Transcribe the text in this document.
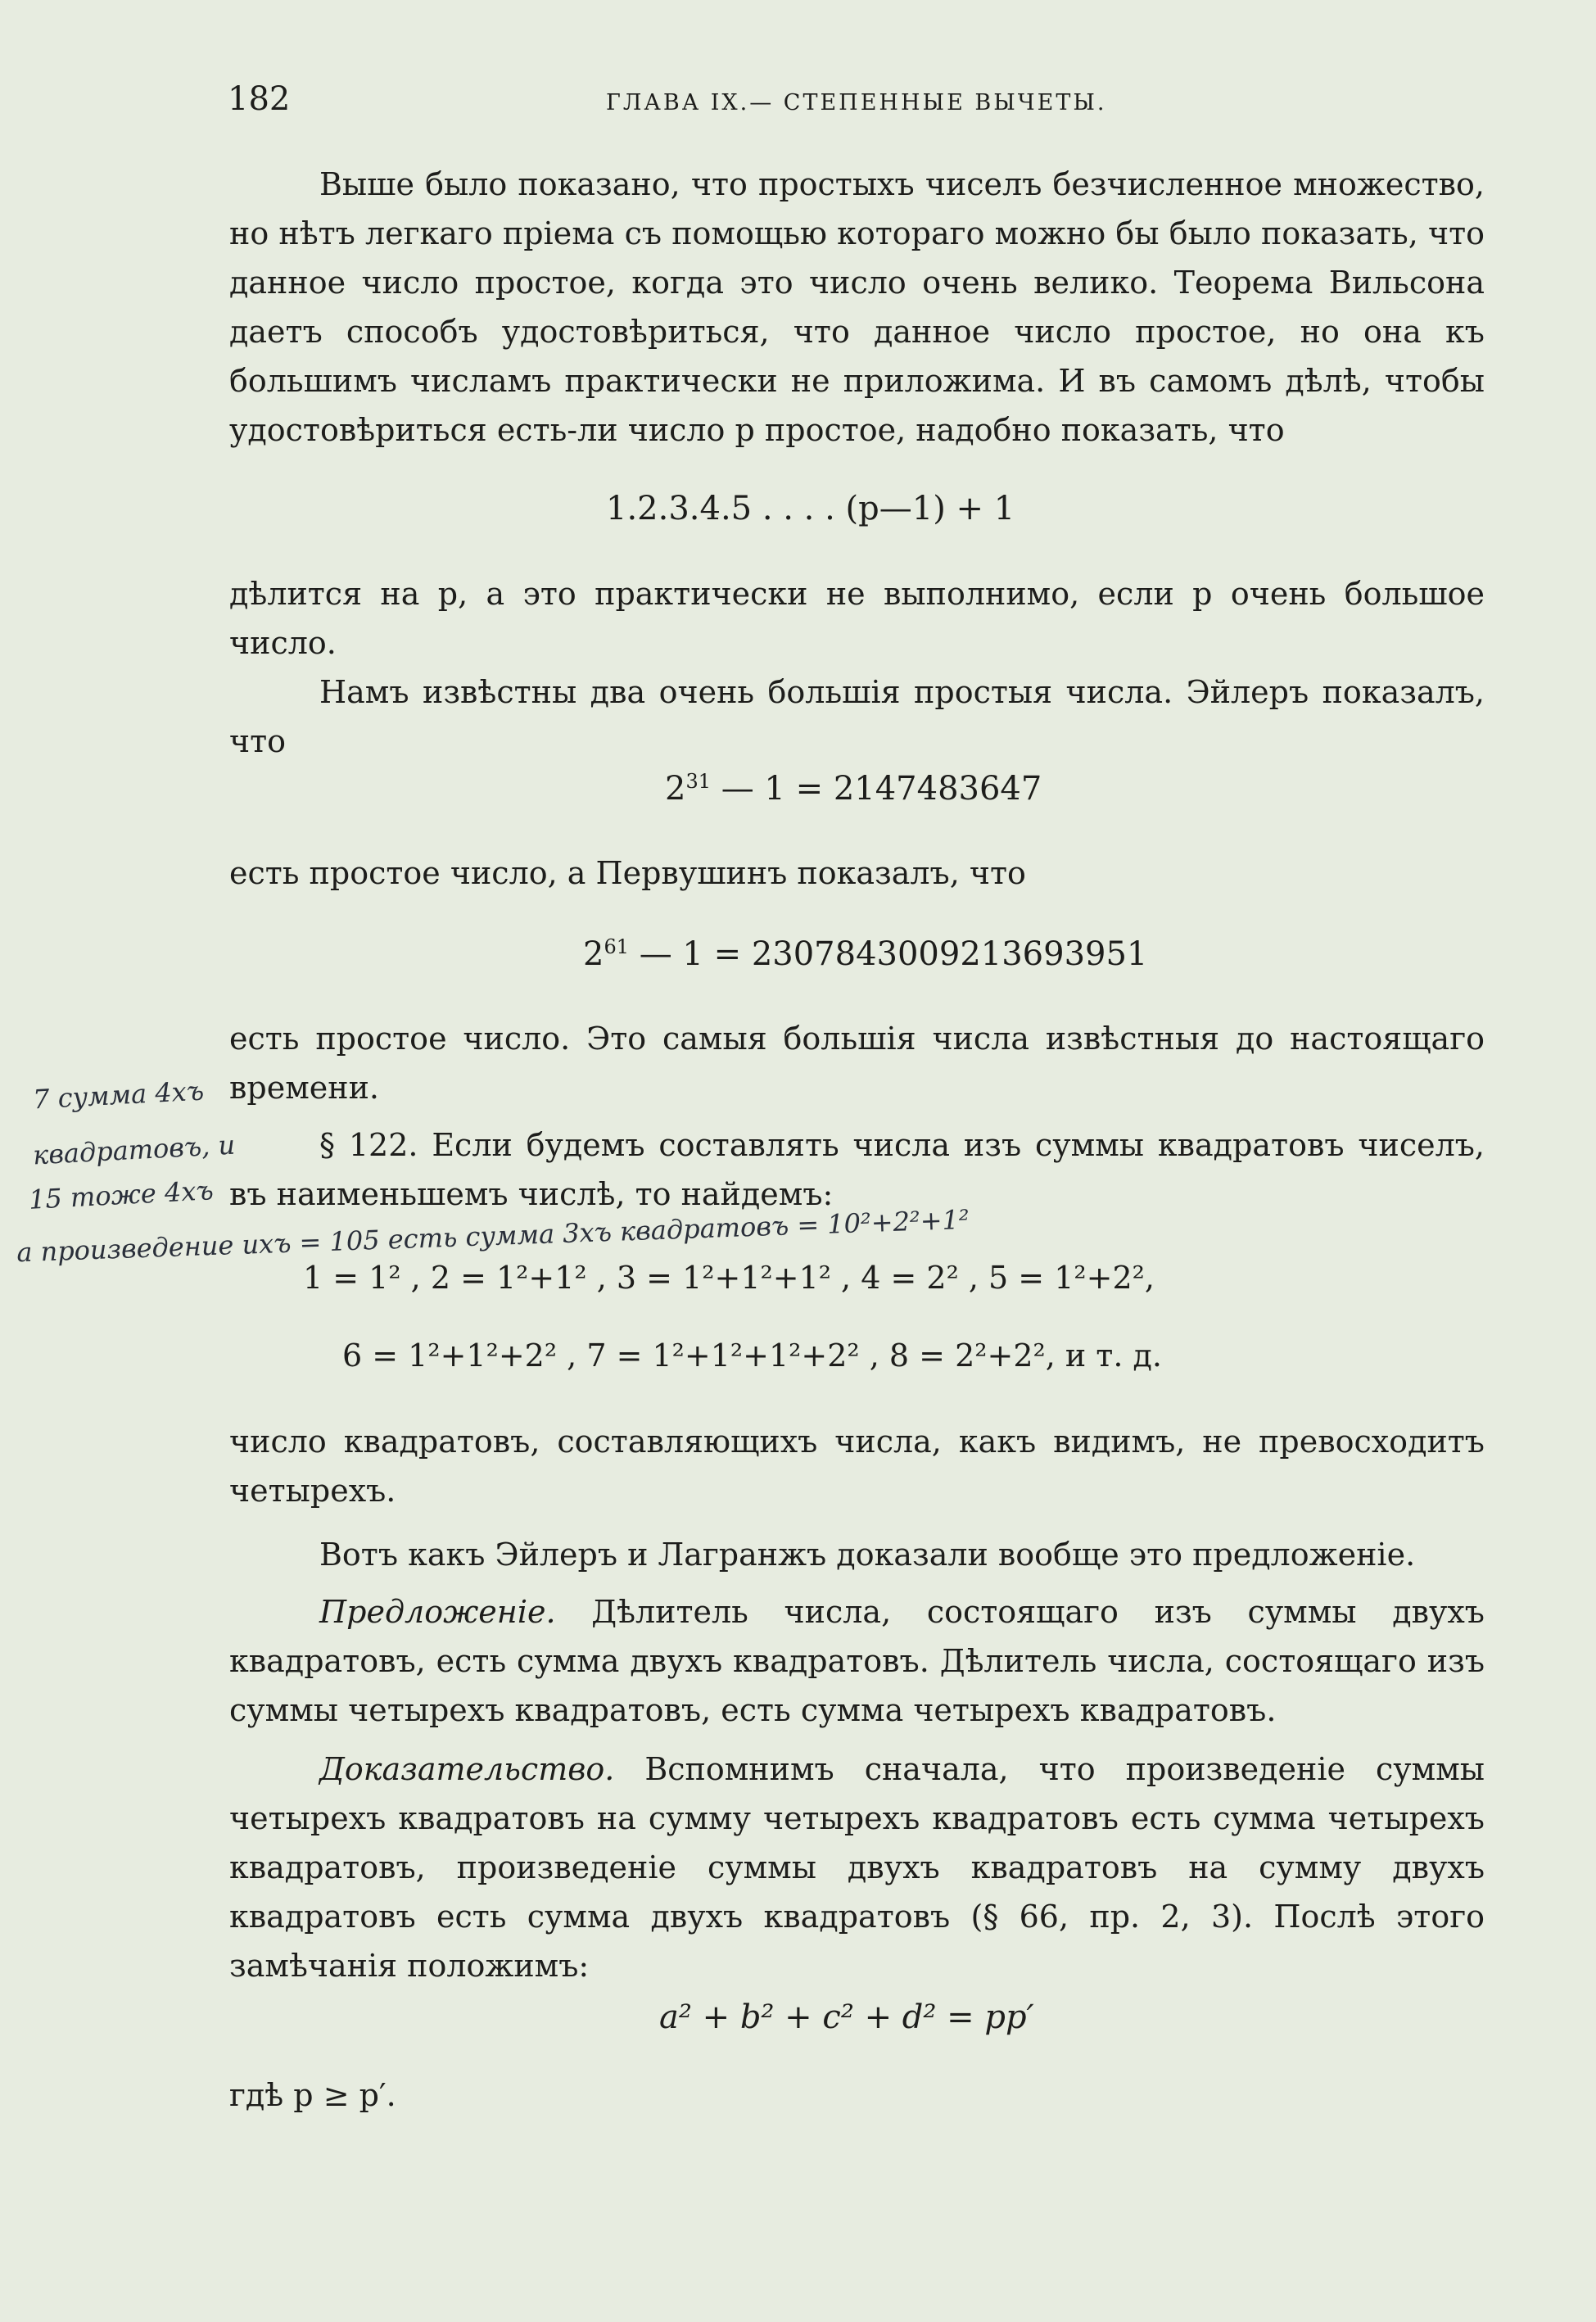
182	ГЛАВА IX.— СТЕПЕННЫЕ ВЫЧЕТЫ.

Выше было показано, что простыхъ чиселъ безчисленное множество, но нѣтъ легкаго пріема съ помощью котораго можно бы было показать, что данное число простое, когда это число очень велико. Теорема Вильсона даетъ способъ удостовѣриться, что данное число простое, но она къ большимъ числамъ практически не приложима. И въ самомъ дѣлѣ, чтобы удостовѣриться есть-ли число p простое, надобно показать, что

1.2.3.4.5 . . . . (p—1) + 1

дѣлится на p, а это практически не выполнимо, если p очень большое число.

Намъ извѣстны два очень большія простыя числа. Эйлеръ показалъ, что

$2^{31}$ — 1 = 2147483647

есть простое число, а Первушинъ показалъ, что

$2^{61}$ — 1 = 2307843009213693951

есть простое число. Это самыя большія числа извѣстныя до настоящаго времени.

§ 122. Если будемъ составлять числа изъ суммы квадратовъ чиселъ, въ наименьшемъ числѣ, то найдемъ:

1 = 1² , 2 = 1²+1² , 3 = 1²+1²+1² , 4 = 2² , 5 = 1²+2²,
6 = 1²+1²+2² , 7 = 1²+1²+1²+2² , 8 = 2²+2², и т. д.

число квадратовъ, составляющихъ числа, какъ видимъ, не превосходитъ четырехъ.

Вотъ какъ Эйлеръ и Лагранжъ доказали вообще это предложеніе.

Предложеніе. Дѣлитель числа, состоящаго изъ суммы двухъ квадратовъ, есть сумма двухъ квадратовъ. Дѣлитель числа, состоящаго изъ суммы четырехъ квадратовъ, есть сумма четырехъ квадратовъ.

Доказательство. Вспомнимъ сначала, что произведеніе суммы четырехъ квадратовъ на сумму четырехъ квадратовъ есть сумма четырехъ квадратовъ, произведеніе суммы двухъ квадратовъ на сумму двухъ квадратовъ есть сумма двухъ квадратовъ (§ 66, пр. 2, 3). Послѣ этого замѣчанія положимъ:

a² + b² + c² + d² = pp′

гдѣ p ≥ p′.

7 сумма 4хъ
квадратовъ, и
15 тоже 4хъ
а произведение ихъ = 105 есть сумма 3хъ квадратовъ = 10²+2²+1²
